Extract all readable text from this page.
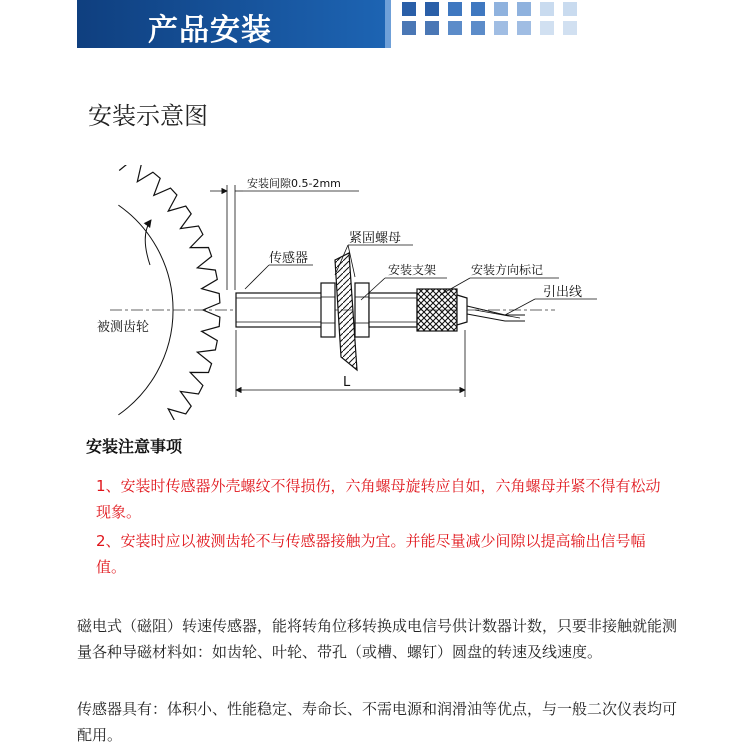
产品安装
安装示意图
安装间隙0.5-2mm
传感器
紧固螺母
安装支架	安装方向标记
引出线
被测齿轮
L
安装注意事项
1、安装时传感器外壳螺纹不得损伤，六角螺母旋转应自如，六角螺母并紧不得有松动现象。
2、安装时应以被测齿轮不与传感器接触为宜。并能尽量减少间隙以提高输出信号幅值。
磁电式（磁阻）转速传感器，能将转角位移转换成电信号供计数器计数，只要非接触就能测量各种导磁材料如：如齿轮、叶轮、带孔（或槽、螺钉）圆盘的转速及线速度。
传感器具有：体积小、性能稳定、寿命长、不需电源和润滑油等优点，与一般二次仪表均可配用。
